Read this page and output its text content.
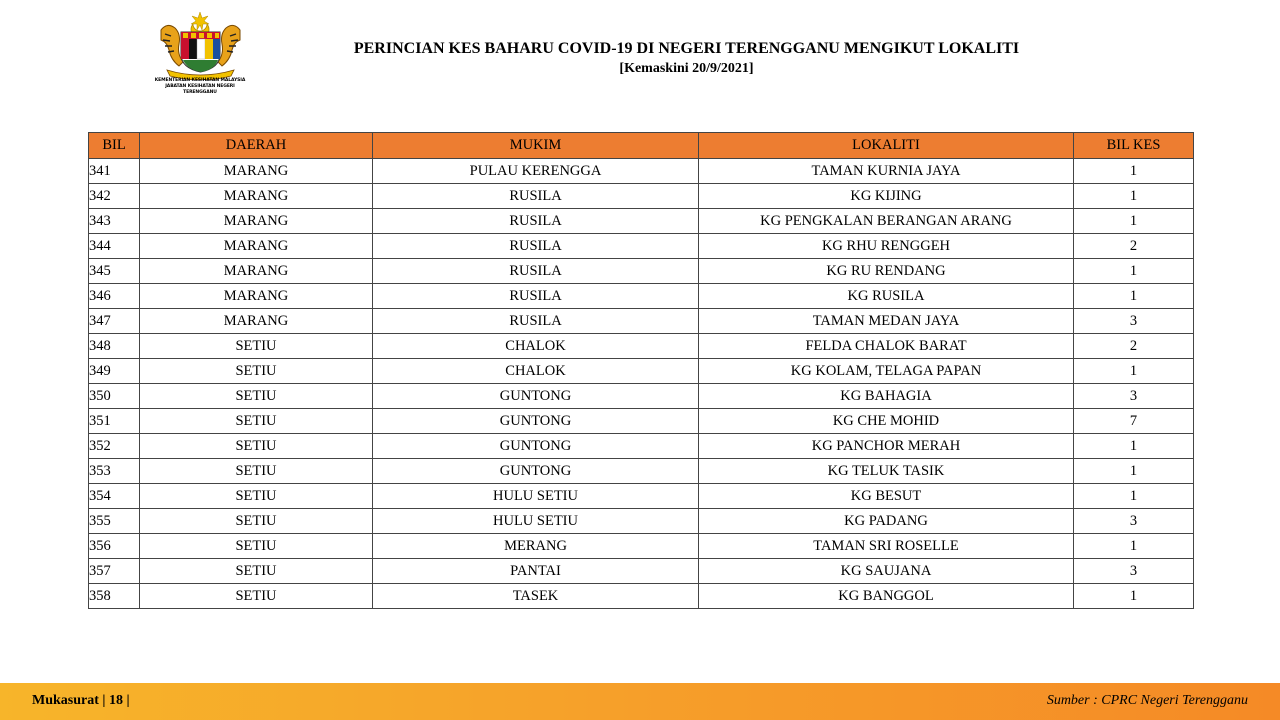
KEMENTERIAN KESIHATAN MALAYSIA
JABATAN KESIHATAN NEGERI TERENGGANU
PERINCIAN KES BAHARU COVID-19 DI NEGERI TERENGGANU MENGIKUT LOKALITI
[Kemaskini 20/9/2021]
BIL	DAERAH	MUKIM	LOKALITI	BIL KES
341	MARANG	PULAU KERENGGA	TAMAN KURNIA JAYA	1
342	MARANG	RUSILA	KG KIJING	1
343	MARANG	RUSILA	KG PENGKALAN BERANGAN ARANG	1
344	MARANG	RUSILA	KG RHU RENGGEH	2
345	MARANG	RUSILA	KG RU RENDANG	1
346	MARANG	RUSILA	KG RUSILA	1
347	MARANG	RUSILA	TAMAN MEDAN JAYA	3
348	SETIU	CHALOK	FELDA CHALOK BARAT	2
349	SETIU	CHALOK	KG KOLAM, TELAGA PAPAN	1
350	SETIU	GUNTONG	KG BAHAGIA	3
351	SETIU	GUNTONG	KG CHE MOHID	7
352	SETIU	GUNTONG	KG PANCHOR MERAH	1
353	SETIU	GUNTONG	KG TELUK TASIK	1
354	SETIU	HULU SETIU	KG BESUT	1
355	SETIU	HULU SETIU	KG PADANG	3
356	SETIU	MERANG	TAMAN SRI ROSELLE	1
357	SETIU	PANTAI	KG SAUJANA	3
358	SETIU	TASEK	KG BANGGOL	1
Mukasurat | 18 |	Sumber : CPRC Negeri Terengganu
